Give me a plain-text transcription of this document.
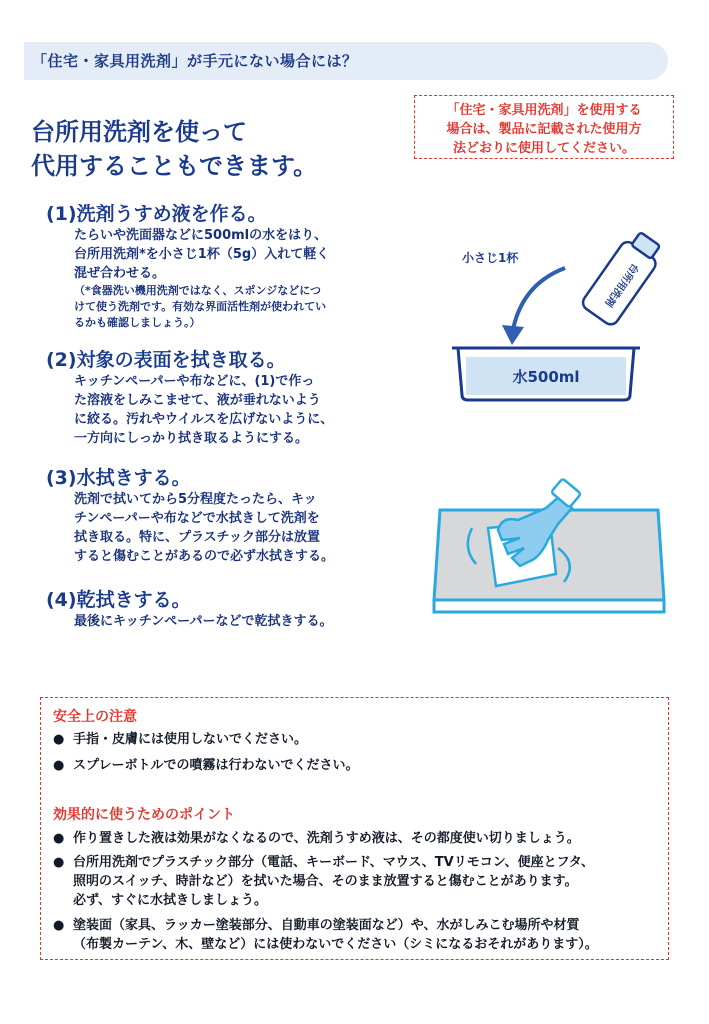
「住宅・家具用洗剤」が手元にない場合には？
「住宅・家具用洗剤」を使用する
場合は、製品に記載された使用方
法どおりに使用してください。
台所用洗剤を使って
代用することもできます。
(1)洗剤うすめ液を作る。
たらいや洗面器などに500mlの水をはり、
台所用洗剤*を小さじ1杯（5g）入れて軽く
混ぜ合わせる。
（*食器洗い機用洗剤ではなく、スポンジなどにつ
けて使う洗剤です。有効な界面活性剤が使われてい
るかも確認しましょう。）
(2)対象の表面を拭き取る。
キッチンペーパーや布などに、(1)で作っ
た溶液をしみこませて、液が垂れないよう
に絞る。汚れやウイルスを広げないように、
一方向にしっかり拭き取るようにする。
(3)水拭きする。
洗剤で拭いてから5分程度たったら、キッ
チンペーパーや布などで水拭きして洗剤を
拭き取る。特に、プラスチック部分は放置
すると傷むことがあるので必ず水拭きする。
(4)乾拭きする。
最後にキッチンペーパーなどで乾拭きする。
小さじ1杯
台所用洗剤
水500ml
安全上の注意
● 手指・皮膚には使用しないでください。
● スプレーボトルでの噴霧は行わないでください。
効果的に使うためのポイント
● 作り置きした液は効果がなくなるので、洗剤うすめ液は、その都度使い切りましょう。
● 台所用洗剤でプラスチック部分（電話、キーボード、マウス、TVリモコン、便座とフタ、
照明のスイッチ、時計など）を拭いた場合、そのまま放置すると傷むことがあります。
必ず、すぐに水拭きしましょう。
● 塗装面（家具、ラッカー塗装部分、自動車の塗装面など）や、水がしみこむ場所や材質
（布製カーテン、木、壁など）には使わないでください（シミになるおそれがあります）。
